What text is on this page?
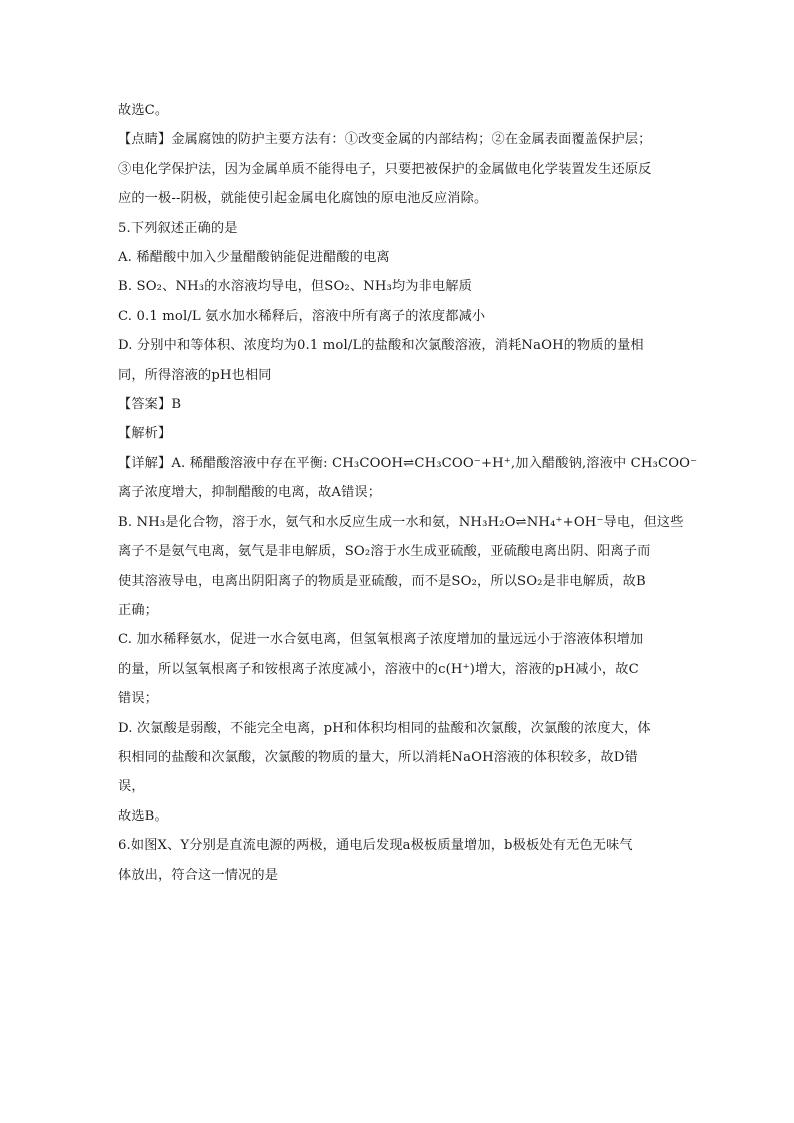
故选C。
【点睛】金属腐蚀的防护主要方法有：①改变金属的内部结构；②在金属表面覆盖保护层；
③电化学保护法，因为金属单质不能得电子，只要把被保护的金属做电化学装置发生还原反
应的一极--阴极，就能使引起金属电化腐蚀的原电池反应消除。
5.下列叙述正确的是
A. 稀醋酸中加入少量醋酸钠能促进醋酸的电离
B. SO₂、NH₃的水溶液均导电，但SO₂、NH₃均为非电解质
C. 0.1 mol/L 氨水加水稀释后，溶液中所有离子的浓度都减小
D. 分别中和等体积、浓度均为0.1 mol/L的盐酸和次氯酸溶液，消耗NaOH的物质的量相
同，所得溶液的pH也相同
【答案】B
【解析】
【详解】A. 稀醋酸溶液中存在平衡: CH₃COOH⇌CH₃COO⁻+H⁺,加入醋酸钠,溶液中 CH₃COO⁻
离子浓度增大，抑制醋酸的电离，故A错误；
B. NH₃是化合物，溶于水，氨气和水反应生成一水和氨，NH₃H₂O⇌NH₄⁺+OH⁻导电，但这些
离子不是氨气电离，氨气是非电解质，SO₂溶于水生成亚硫酸，亚硫酸电离出阴、阳离子而
使其溶液导电，电离出阴阳离子的物质是亚硫酸，而不是SO₂，所以SO₂是非电解质，故B
正确；
C. 加水稀释氨水，促进一水合氨电离，但氢氧根离子浓度增加的量远远小于溶液体积增加
的量，所以氢氧根离子和铵根离子浓度减小，溶液中的c(H⁺)增大，溶液的pH减小，故C
错误；
D. 次氯酸是弱酸，不能完全电离，pH和体积均相同的盐酸和次氯酸，次氯酸的浓度大，体
积相同的盐酸和次氯酸，次氯酸的物质的量大，所以消耗NaOH溶液的体积较多，故D错
误，
故选B。
6.如图X、Y分别是直流电源的两极，通电后发现a极板质量增加，b极板处有无色无味气
体放出，符合这一情况的是
